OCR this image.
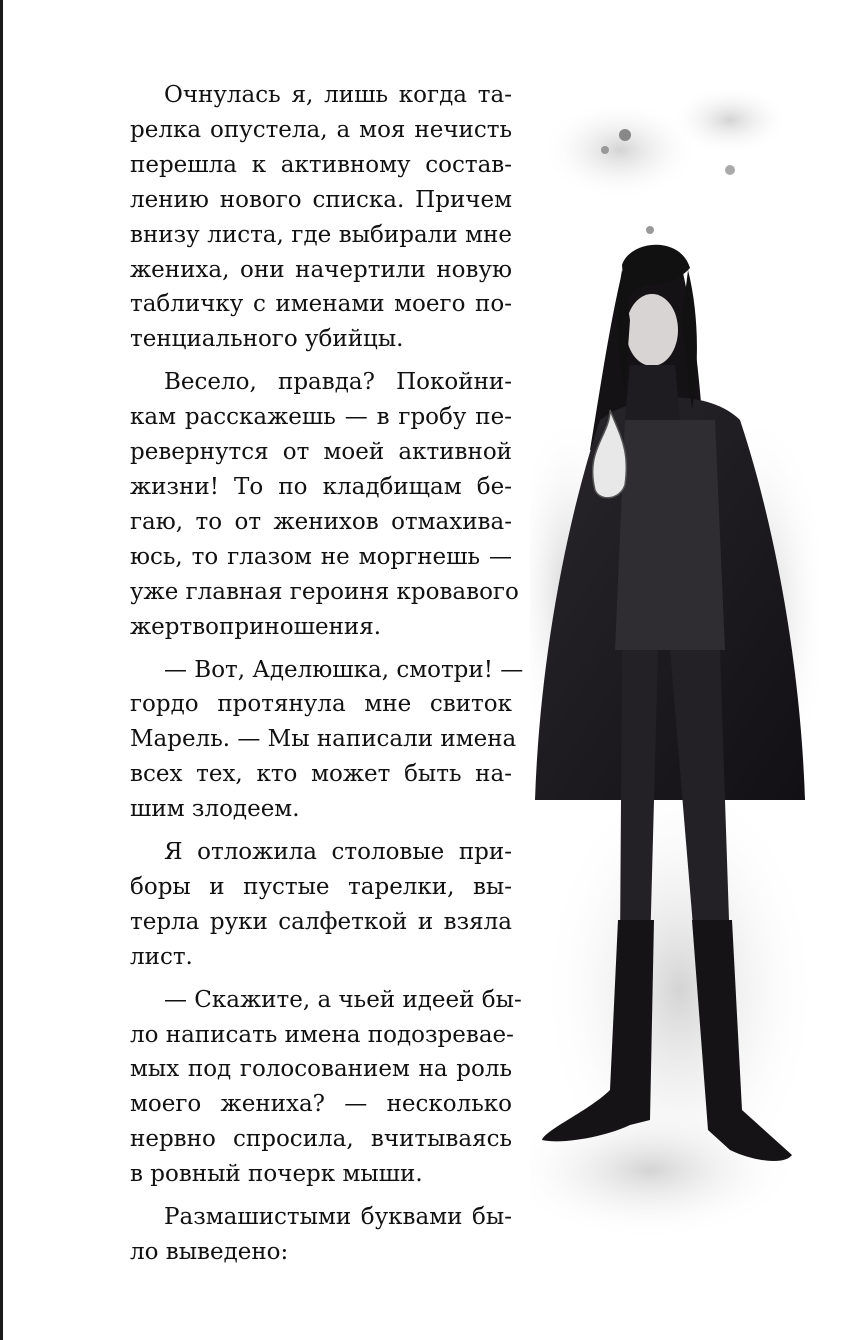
Очнулась я, лишь когда та-
релка опустела, а моя нечисть
перешла к активному состав-
лению нового списка. Причем
внизу листа, где выбирали мне
жениха, они начертили новую
табличку с именами моего по-
тенциального убийцы.

Весело, правда? Покойни-
кам расскажешь — в гробу пе-
ревернутся от моей активной
жизни! То по кладбищам бе-
гаю, то от женихов отмахива-
юсь, то глазом не моргнешь —
уже главная героиня кровавого
жертвоприношения.

— Вот, Аделюшка, смотри! —
гордо протянула мне свиток
Марель. — Мы написали имена
всех тех, кто может быть на-
шим злодеем.

Я отложила столовые при-
боры и пустые тарелки, вы-
терла руки салфеткой и взяла
лист.

— Скажите, а чьей идеей бы-
ло написать имена подозревае-
мых под голосованием на роль
моего жениха? — несколько
нервно спросила, вчитываясь
в ровный почерк мыши.

Размашистыми буквами бы-
ло выведено:
